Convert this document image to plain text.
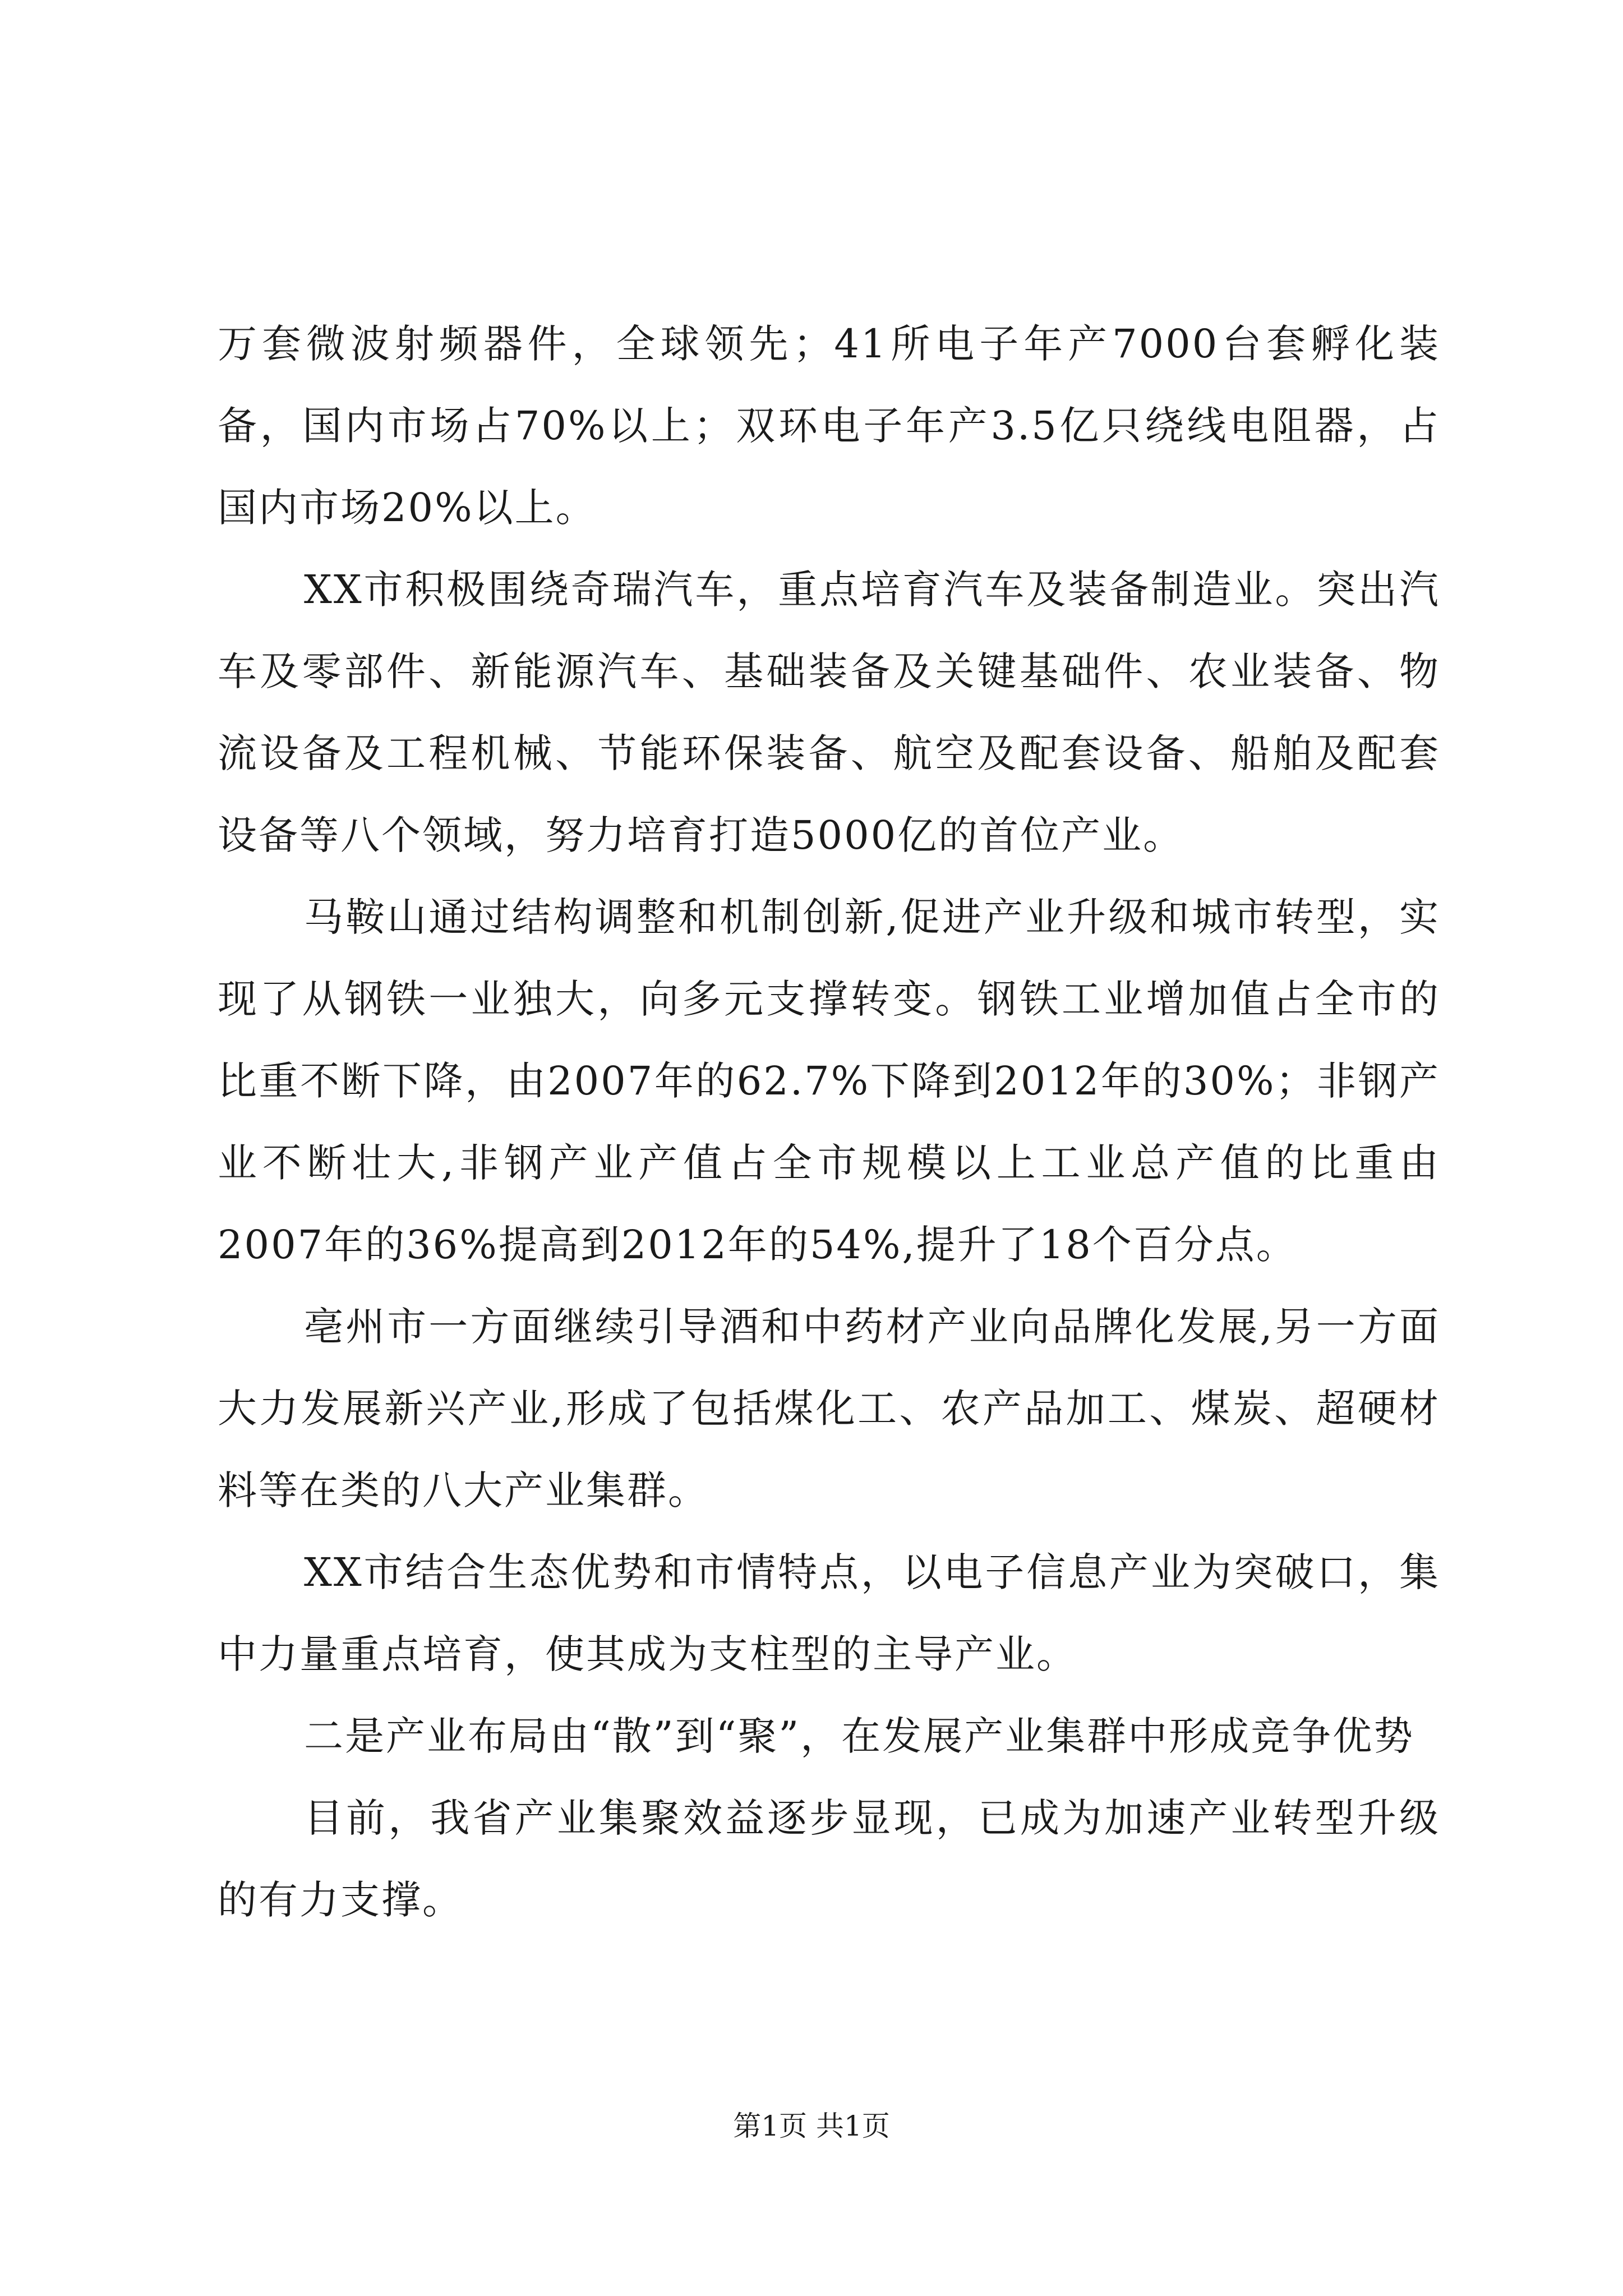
万套微波射频器件，全球领先；41所电子年产7000台套孵化装备，国内市场占70%以上；双环电子年产3.5亿只绕线电阻器，占国内市场20%以上。

XX市积极围绕奇瑞汽车，重点培育汽车及装备制造业。突出汽车及零部件、新能源汽车、基础装备及关键基础件、农业装备、物流设备及工程机械、节能环保装备、航空及配套设备、船舶及配套设备等八个领域，努力培育打造5000亿的首位产业。

马鞍山通过结构调整和机制创新,促进产业升级和城市转型，实现了从钢铁一业独大，向多元支撑转变。钢铁工业增加值占全市的比重不断下降，由2007年的62.7%下降到2012年的30%；非钢产业不断壮大,非钢产业产值占全市规模以上工业总产值的比重由2007年的36%提高到2012年的54%,提升了18个百分点。

亳州市一方面继续引导酒和中药材产业向品牌化发展,另一方面大力发展新兴产业,形成了包括煤化工、农产品加工、煤炭、超硬材料等在类的八大产业集群。

XX市结合生态优势和市情特点，以电子信息产业为突破口，集中力量重点培育，使其成为支柱型的主导产业。

二是产业布局由“散”到“聚”，在发展产业集群中形成竞争优势

目前，我省产业集聚效益逐步显现，已成为加速产业转型升级的有力支撑。

第1页 共1页
